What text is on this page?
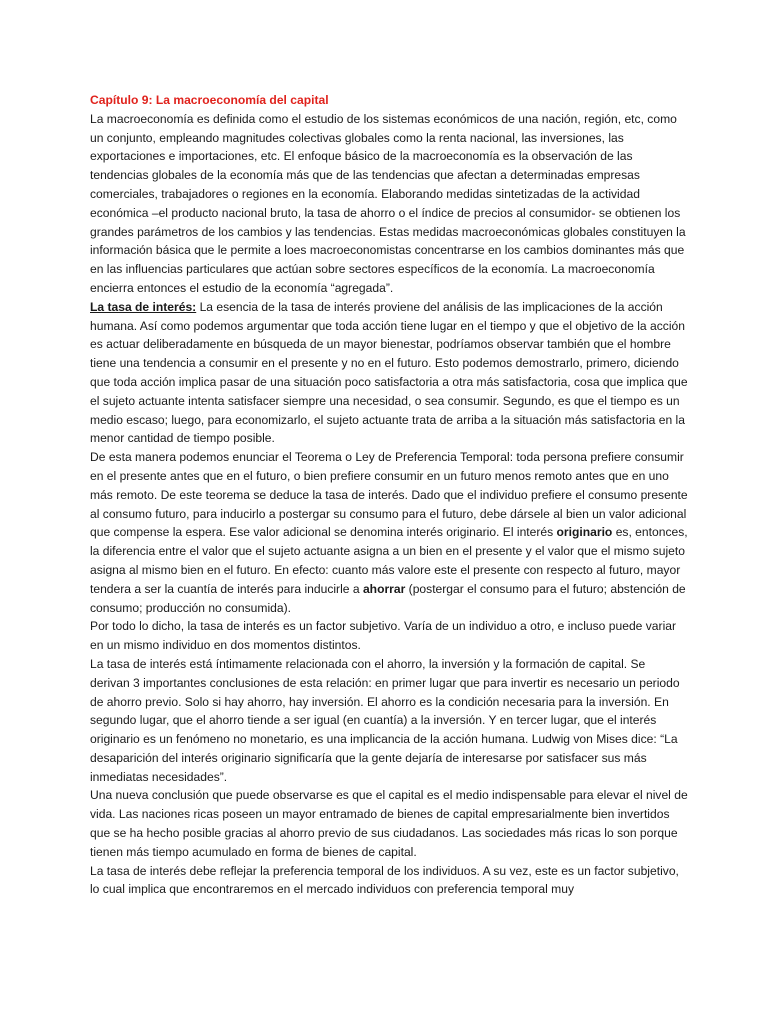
Capítulo 9: La macroeconomía del capital

La macroeconomía es definida como el estudio de los sistemas económicos de una nación, región, etc, como un conjunto, empleando magnitudes colectivas globales como la renta nacional, las inversiones, las exportaciones e importaciones, etc. El enfoque básico de la macroeconomía es la observación de las tendencias globales de la economía más que de las tendencias que afectan a determinadas empresas comerciales, trabajadores o regiones en la economía. Elaborando medidas sintetizadas de la actividad económica –el producto nacional bruto, la tasa de ahorro o el índice de precios al consumidor- se obtienen los grandes parámetros de los cambios y las tendencias. Estas medidas macroeconómicas globales constituyen la información básica que le permite a loes macroeconomistas concentrarse en los cambios dominantes más que en las influencias particulares que actúan sobre sectores específicos de la economía. La macroeconomía encierra entonces el estudio de la economía “agregada”.

La tasa de interés: La esencia de la tasa de interés proviene del análisis de las implicaciones de la acción humana. Así como podemos argumentar que toda acción tiene lugar en el tiempo y que el objetivo de la acción es actuar deliberadamente en búsqueda de un mayor bienestar, podríamos observar también que el hombre tiene una tendencia a consumir en el presente y no en el futuro. Esto podemos demostrarlo, primero, diciendo que toda acción implica pasar de una situación poco satisfactoria a otra más satisfactoria, cosa que implica que el sujeto actuante intenta satisfacer siempre una necesidad, o sea consumir. Segundo, es que el tiempo es un medio escaso; luego, para economizarlo, el sujeto actuante trata de arriba a la situación más satisfactoria en la menor cantidad de tiempo posible.

De esta manera podemos enunciar el Teorema o Ley de Preferencia Temporal: toda persona prefiere consumir en el presente antes que en el futuro, o bien prefiere consumir en un futuro menos remoto antes que en uno más remoto. De este teorema se deduce la tasa de interés. Dado que el individuo prefiere el consumo presente al consumo futuro, para inducirlo a postergar su consumo para el futuro, debe dársele al bien un valor adicional que compense la espera. Ese valor adicional se denomina interés originario. El interés originario es, entonces, la diferencia entre el valor que el sujeto actuante asigna a un bien en el presente y el valor que el mismo sujeto asigna al mismo bien en el futuro. En efecto: cuanto más valore este el presente con respecto al futuro, mayor tendera a ser la cuantía de interés para inducirle a ahorrar (postergar el consumo para el futuro; abstención de consumo; producción no consumida).

Por todo lo dicho, la tasa de interés es un factor subjetivo. Varía de un individuo a otro, e incluso puede variar en un mismo individuo en dos momentos distintos.

La tasa de interés está íntimamente relacionada con el ahorro, la inversión y la formación de capital. Se derivan 3 importantes conclusiones de esta relación: en primer lugar que para invertir es necesario un periodo de ahorro previo. Solo si hay ahorro, hay inversión. El ahorro es la condición necesaria para la inversión. En segundo lugar, que el ahorro tiende a ser igual (en cuantía) a la inversión. Y en tercer lugar, que el interés originario es un fenómeno no monetario, es una implicancia de la acción humana. Ludwig von Mises dice: “La desaparición del interés originario significaría que la gente dejaría de interesarse por satisfacer sus más inmediatas necesidades”.

Una nueva conclusión que puede observarse es que el capital es el medio indispensable para elevar el nivel de vida. Las naciones ricas poseen un mayor entramado de bienes de capital empresarialmente bien invertidos que se ha hecho posible gracias al ahorro previo de sus ciudadanos. Las sociedades más ricas lo son porque tienen más tiempo acumulado en forma de bienes de capital.

La tasa de interés debe reflejar la preferencia temporal de los individuos. A su vez, este es un factor subjetivo, lo cual implica que encontraremos en el mercado individuos con preferencia temporal muy
